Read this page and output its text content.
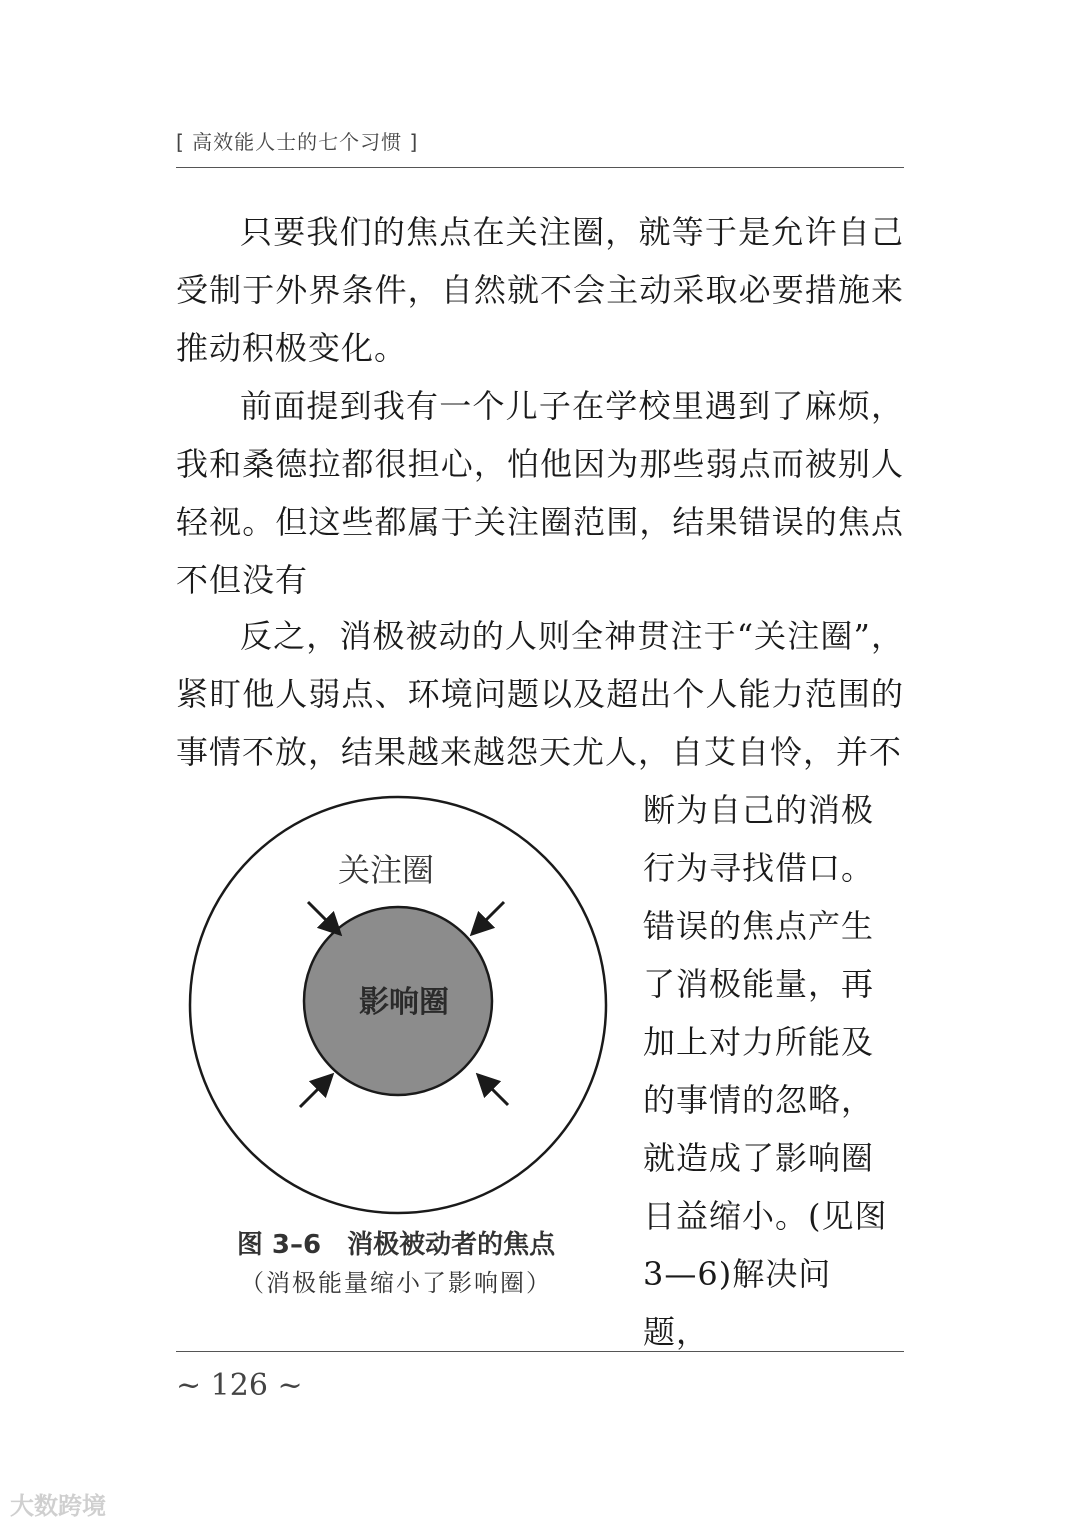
[ 高效能人士的七个习惯 ]

只要我们的焦点在关注圈，就等于是允许自己受制于外界条件，自然就不会主动采取必要措施来推动积极变化。

前面提到我有一个儿子在学校里遇到了麻烦，我和桑德拉都很担心，怕他因为那些弱点而被别人轻视。但这些都属于关注圈范围，结果错误的焦点不但没有

反之，消极被动的人则全神贯注于“关注圈”，紧盯他人弱点、环境问题以及超出个人能力范围的事情不放，结果越来越怨天尤人，自艾自怜，并不

断为自己的消极行为寻找借口。错误的焦点产生了消极能量，再加上对力所能及的事情的忽略，就造成了影响圈日益缩小。(见图3—6)解决问题，

关注圈
影响圈
图 3–6　消极被动者的焦点
（消极能量缩小了影响圈）
~ 126 ~
大数跨境
